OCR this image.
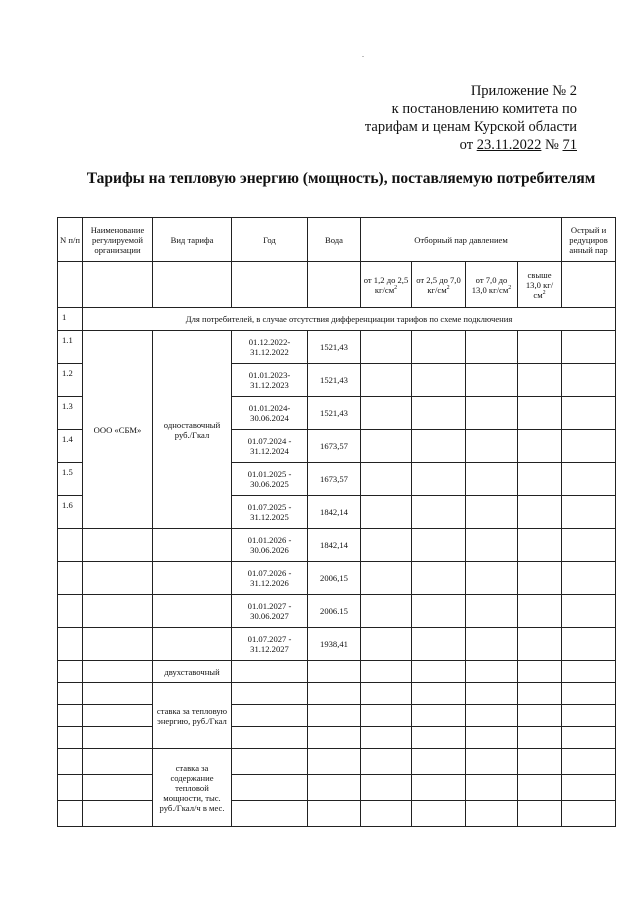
.
Приложение № 2
к постановлению комитета по
тарифам и ценам Курской области
от 23.11.2022 № 71
Тарифы на тепловую энергию (мощность), поставляемую потребителям
N п/п	Наименование регулируемой организации	Вид тарифа	Год	Вода	Отборный пар давлением				Острый и редуциров анный пар
					от 1,2 до 2,5 $кг/см^2$	от 2,5 до 7,0 $кг/см^2$	от 7,0 до 13,0 $кг/см^2$	свыше 13,0 $кг/см^2$	
1	Для потребителей, в случае отсутствия дифференциации тарифов по схеме подключения								
1.1	ООО «СБМ»	одноставочный руб./Гкал	01.12.2022- 31.12.2022	1521,43					
1.2			01.01.2023- 31.12.2023	1521,43					
1.3			01.01.2024- 30.06.2024	1521,43					
1.4			01.07.2024 - 31.12.2024	1673,57					
1.5			01.01.2025 - 30.06.2025	1673,57					
1.6			01.07.2025 - 31.12.2025	1842,14					
			01.01.2026 - 30.06.2026	1842,14					
			01.07.2026 - 31.12.2026	2006,15					
			01.01.2027 - 30.06.2027	2006.15					
			01.07.2027 - 31.12.2027	1938,41					
		двухставочный							
		ставка за тепловую энергию, руб./Гкал							

		ставка за содержание тепловой мощности, тыс. руб./Гкал/ч в мес.							
